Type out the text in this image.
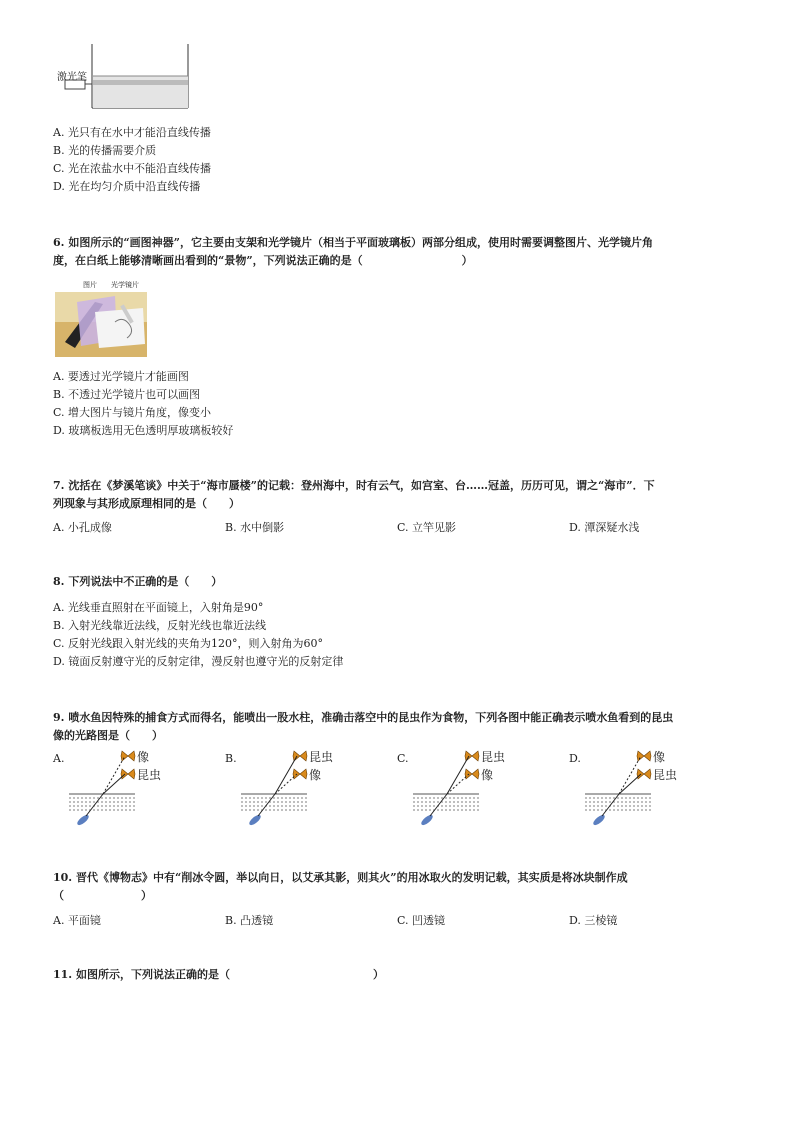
激光笔
A. 光只有在水中才能沿直线传播
B. 光的传播需要介质
C. 光在浓盐水中不能沿直线传播
D. 光在均匀介质中沿直线传播
6. 如图所示的“画图神器”，它主要由支架和光学镜片（相当于平面玻璃板）两部分组成，使用时需要调整图片、光学镜片角
度，在白纸上能够清晰画出看到的“景物”，下列说法正确的是（　　　　　　　　　）
图片 光学镜片
A. 要透过光学镜片才能画图
B. 不透过光学镜片也可以画图
C. 增大图片与镜片角度，像变小
D. 玻璃板选用无色透明厚玻璃板较好
7. 沈括在《梦溪笔谈》中关于“海市蜃楼”的记载：登州海中，时有云气，如宫室、台……冠盖，历历可见，谓之“海市”．下
列现象与其形成原理相同的是（　　）
A. 小孔成像	B. 水中倒影	C. 立竿见影	D. 潭深疑水浅
8. 下列说法中不正确的是（　　）
A. 光线垂直照射在平面镜上，入射角是90°
B. 入射光线靠近法线，反射光线也靠近法线
C. 反射光线跟入射光线的夹角为120°，则入射角为60°
D. 镜面反射遵守光的反射定律，漫反射也遵守光的反射定律
9. 喷水鱼因特殊的捕食方式而得名，能喷出一股水柱，准确击落空中的昆虫作为食物，下列各图中能正确表示喷水鱼看到的昆虫
像的光路图是（　　）
A.	像
昆虫
B.	昆虫
像
C.	昆虫
像
D.	像
昆虫
10. 晋代《博物志》中有“削冰令圆，举以向日，以艾承其影，则其火”的用冰取火的发明记载，其实质是将冰块制作成
（　　　　　　　）
A. 平面镜	B. 凸透镜	C. 凹透镜	D. 三棱镜
11. 如图所示，下列说法正确的是（　　　　　　　　　　　　　）
